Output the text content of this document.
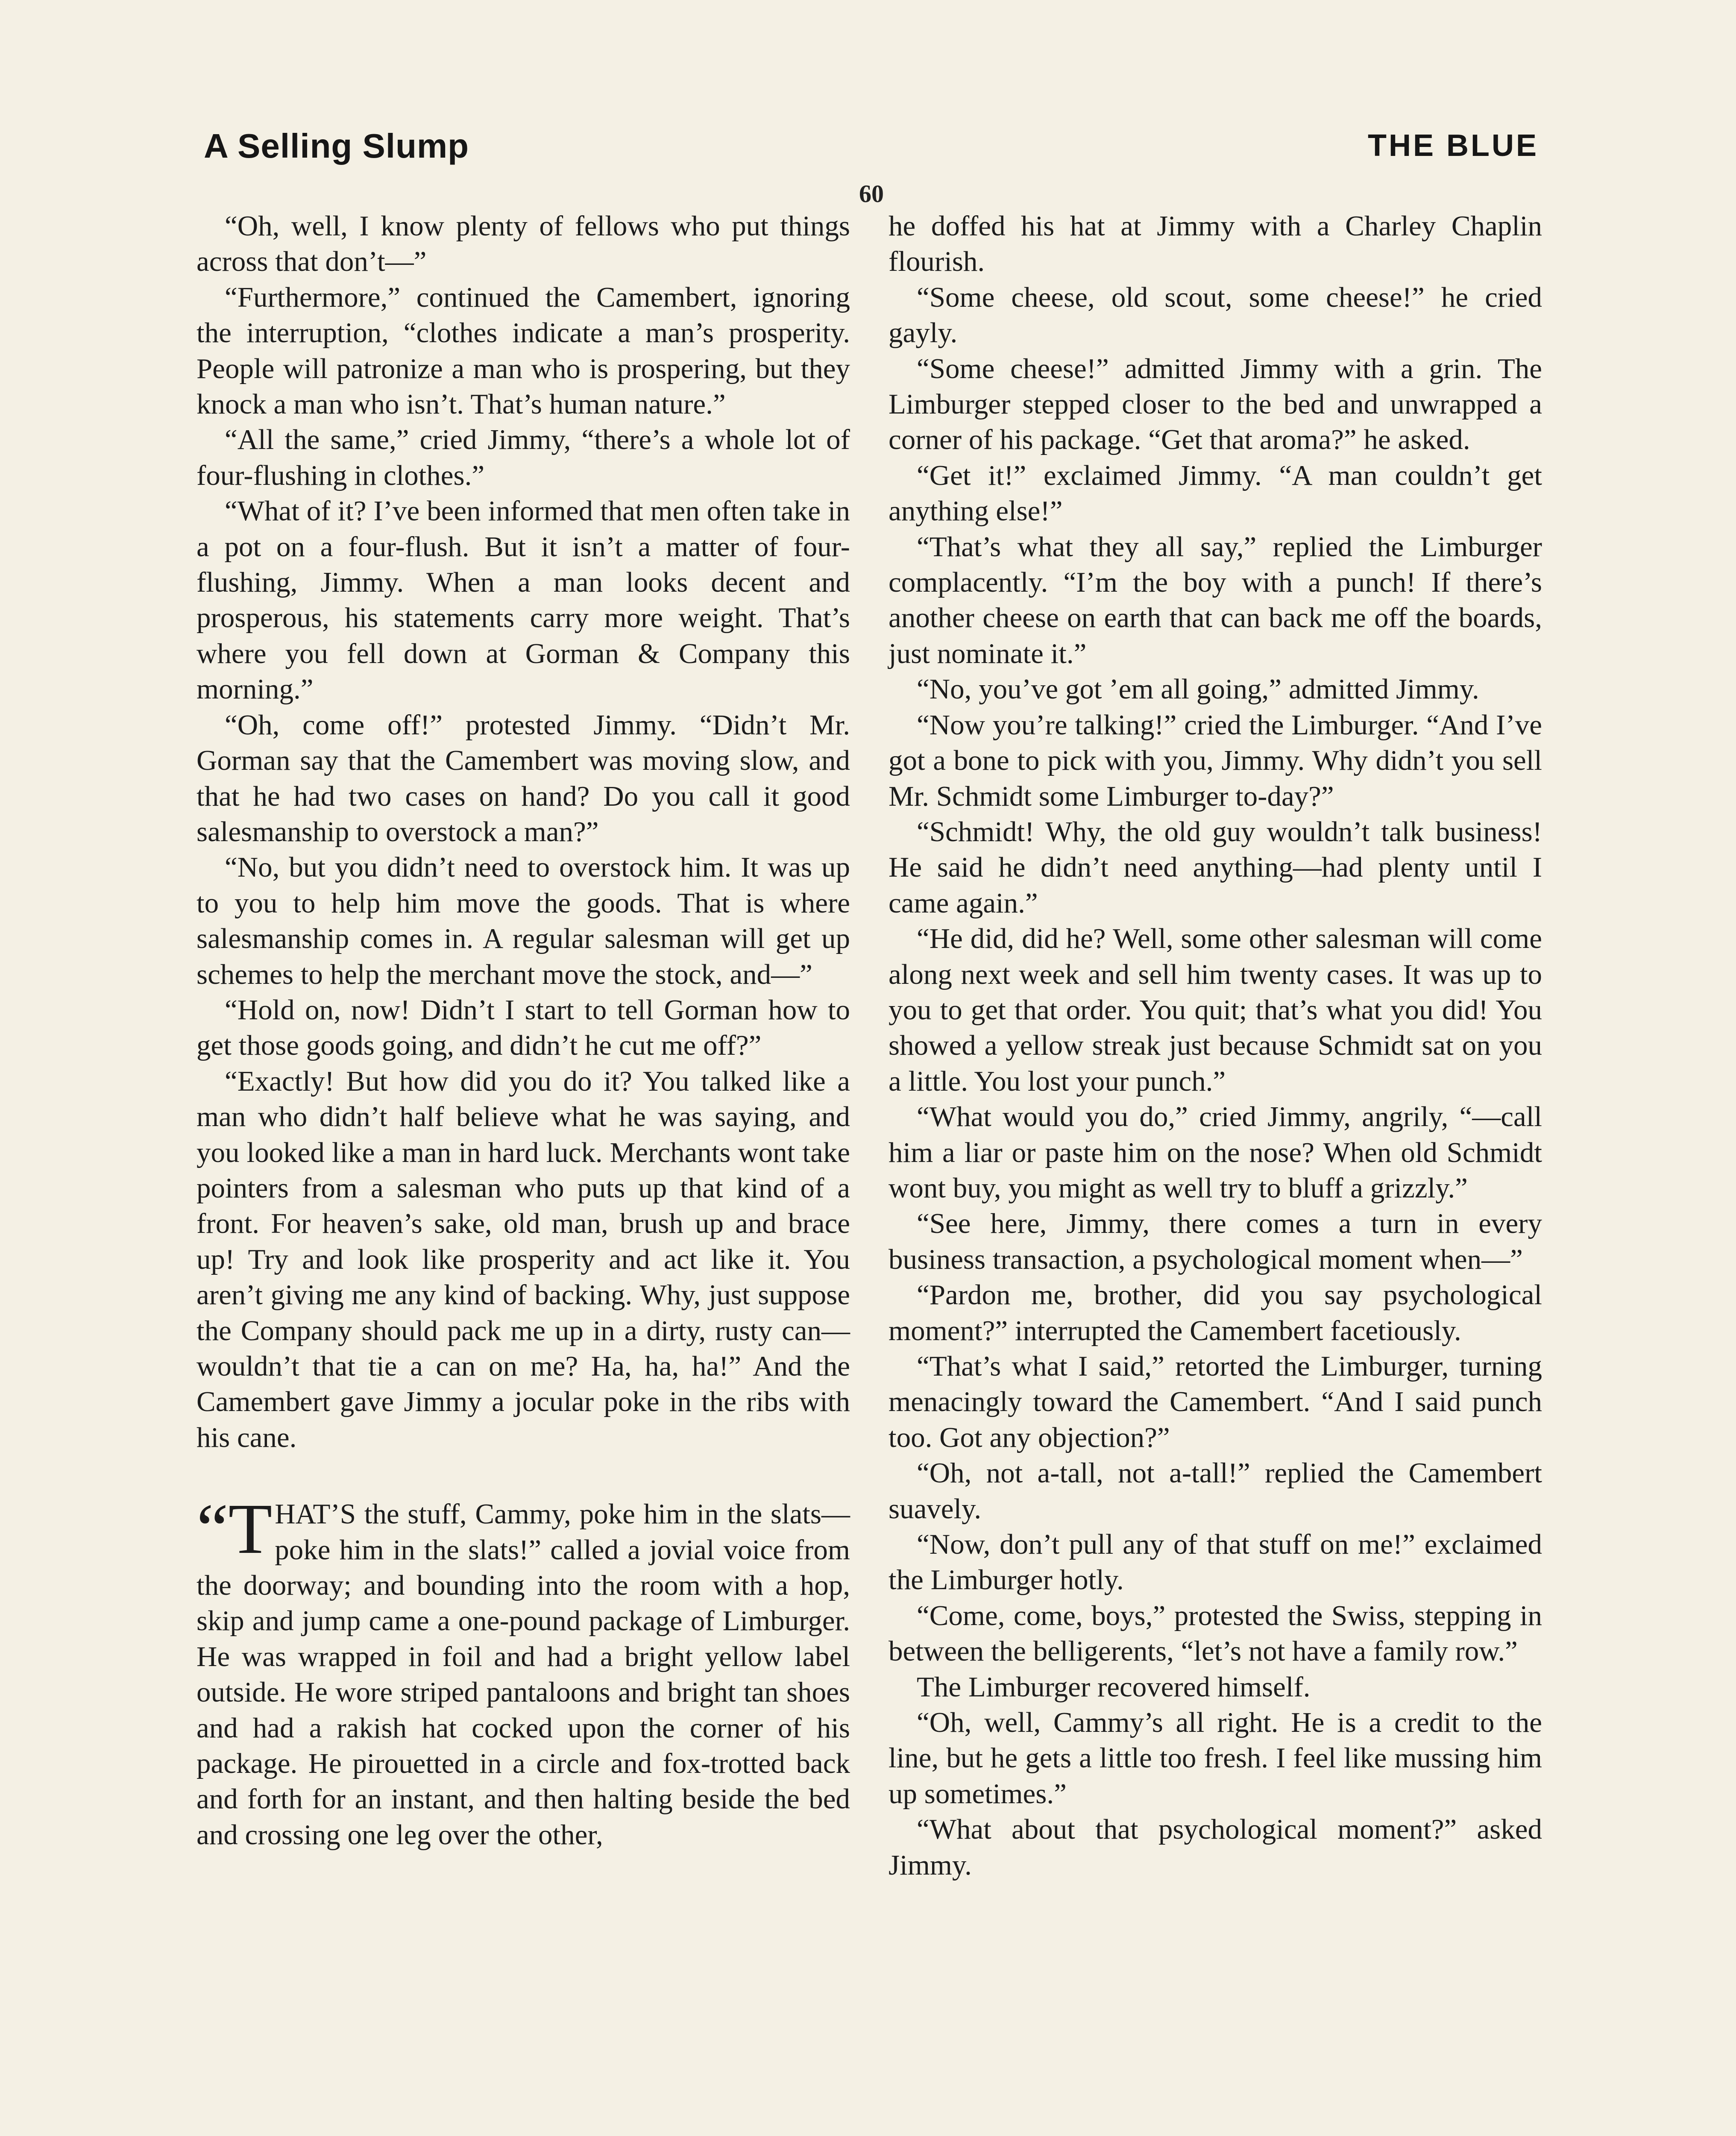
A Selling Slump	THE BLUE
60

“Oh, well, I know plenty of fellows who put things across that don’t—”

“Furthermore,” continued the Camembert, ignoring the interruption, “clothes indicate a man’s prosperity. People will patronize a man who is prospering, but they knock a man who isn’t. That’s human nature.”

“All the same,” cried Jimmy, “there’s a whole lot of four-flushing in clothes.”

“What of it? I’ve been informed that men often take in a pot on a four-flush. But it isn’t a matter of four-flushing, Jimmy. When a man looks decent and prosperous, his statements carry more weight. That’s where you fell down at Gorman & Company this morning.”

“Oh, come off!” protested Jimmy. “Didn’t Mr. Gorman say that the Camembert was moving slow, and that he had two cases on hand? Do you call it good salesmanship to overstock a man?”

“No, but you didn’t need to overstock him. It was up to you to help him move the goods. That is where salesmanship comes in. A regular salesman will get up schemes to help the merchant move the stock, and—”

“Hold on, now! Didn’t I start to tell Gorman how to get those goods going, and didn’t he cut me off?”

“Exactly! But how did you do it? You talked like a man who didn’t half believe what he was saying, and you looked like a man in hard luck. Merchants wont take pointers from a salesman who puts up that kind of a front. For heaven’s sake, old man, brush up and brace up! Try and look like prosperity and act like it. You aren’t giving me any kind of backing. Why, just suppose the Company should pack me up in a dirty, rusty can—wouldn’t that tie a can on me? Ha, ha, ha!” And the Camembert gave Jimmy a jocular poke in the ribs with his cane.

“T HAT’S the stuff, Cammy, poke him in the slats—poke him in the slats!” called a jovial voice from the doorway; and bounding into the room with a hop, skip and jump came a one-pound package of Limburger. He was wrapped in foil and had a bright yellow label outside. He wore striped pantaloons and bright tan shoes and had a rakish hat cocked upon the corner of his package. He pirouetted in a circle and fox-trotted back and forth for an instant, and then halting beside the bed and crossing one leg over the other,

he doffed his hat at Jimmy with a Charley Chaplin flourish.

“Some cheese, old scout, some cheese!” he cried gayly.

“Some cheese!” admitted Jimmy with a grin. The Limburger stepped closer to the bed and unwrapped a corner of his package. “Get that aroma?” he asked.

“Get it!” exclaimed Jimmy. “A man couldn’t get anything else!”

“That’s what they all say,” replied the Limburger complacently. “I’m the boy with a punch! If there’s another cheese on earth that can back me off the boards, just nominate it.”

“No, you’ve got ’em all going,” admitted Jimmy.

“Now you’re talking!” cried the Limburger. “And I’ve got a bone to pick with you, Jimmy. Why didn’t you sell Mr. Schmidt some Limburger to-day?”

“Schmidt! Why, the old guy wouldn’t talk business! He said he didn’t need anything—had plenty until I came again.”

“He did, did he? Well, some other salesman will come along next week and sell him twenty cases. It was up to you to get that order. You quit; that’s what you did! You showed a yellow streak just because Schmidt sat on you a little. You lost your punch.”

“What would you do,” cried Jimmy, angrily, “—call him a liar or paste him on the nose? When old Schmidt wont buy, you might as well try to bluff a grizzly.”

“See here, Jimmy, there comes a turn in every business transaction, a psychological moment when—”

“Pardon me, brother, did you say psychological moment?” interrupted the Camembert facetiously.

“That’s what I said,” retorted the Limburger, turning menacingly toward the Camembert. “And I said punch too. Got any objection?”

“Oh, not a-tall, not a-tall!” replied the Camembert suavely.

“Now, don’t pull any of that stuff on me!” exclaimed the Limburger hotly.

“Come, come, boys,” protested the Swiss, stepping in between the belligerents, “let’s not have a family row.”

The Limburger recovered himself.

“Oh, well, Cammy’s all right. He is a credit to the line, but he gets a little too fresh. I feel like mussing him up sometimes.”

“What about that psychological moment?” asked Jimmy.
